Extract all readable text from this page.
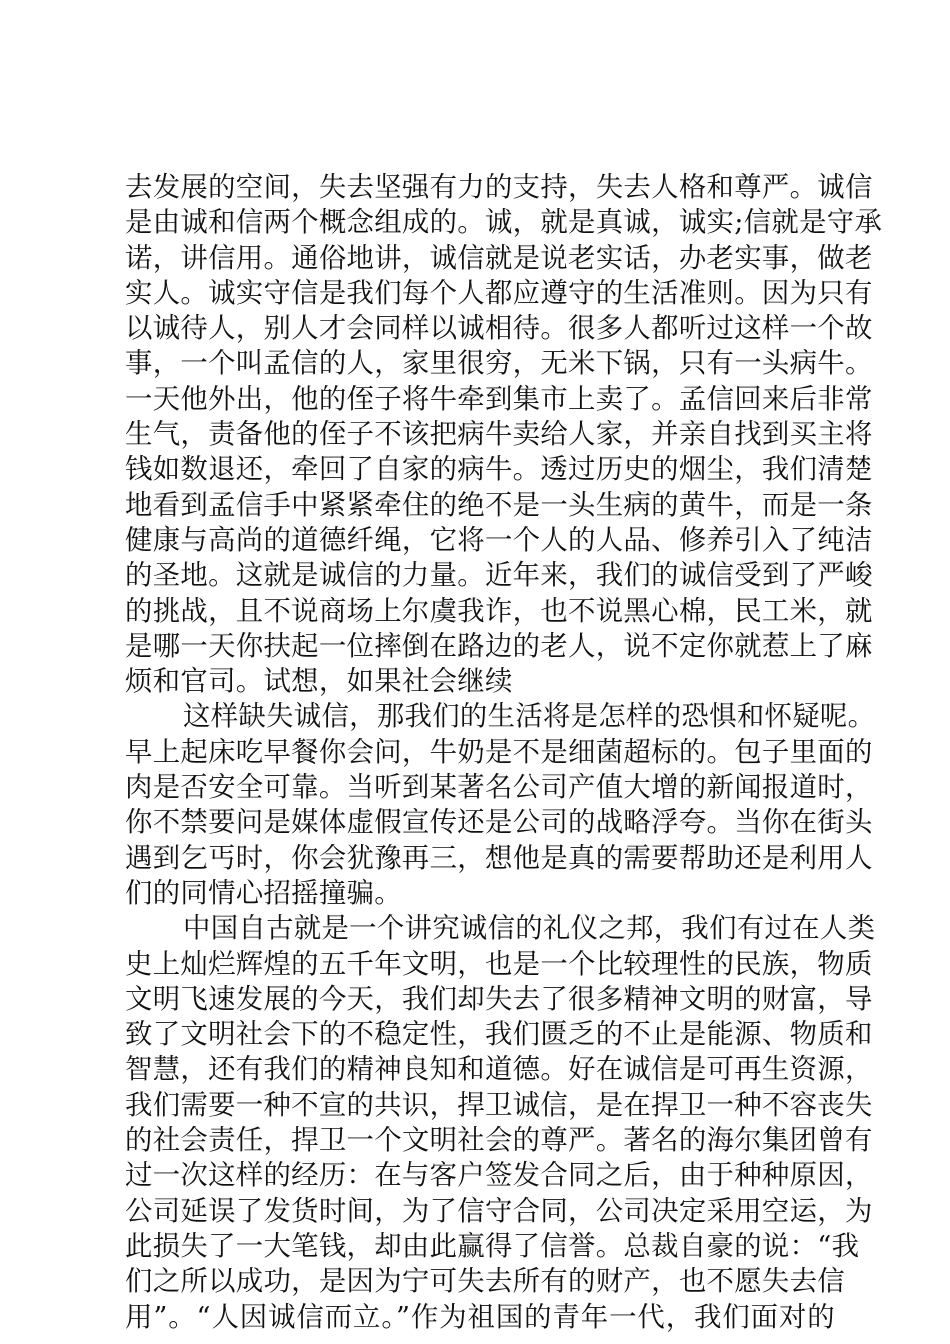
去发展的空间，失去坚强有力的支持，失去人格和尊严。诚信
是由诚和信两个概念组成的。诚，就是真诚，诚实;信就是守承
诺，讲信用。通俗地讲，诚信就是说老实话，办老实事，做老
实人。诚实守信是我们每个人都应遵守的生活准则。因为只有
以诚待人，别人才会同样以诚相待。很多人都听过这样一个故
事，一个叫孟信的人，家里很穷，无米下锅，只有一头病牛。
一天他外出，他的侄子将牛牵到集市上卖了。孟信回来后非常
生气，责备他的侄子不该把病牛卖给人家，并亲自找到买主将
钱如数退还，牵回了自家的病牛。透过历史的烟尘，我们清楚
地看到孟信手中紧紧牵住的绝不是一头生病的黄牛，而是一条
健康与高尚的道德纤绳，它将一个人的人品、修养引入了纯洁
的圣地。这就是诚信的力量。近年来，我们的诚信受到了严峻
的挑战，且不说商场上尔虞我诈，也不说黑心棉，民工米，就
是哪一天你扶起一位摔倒在路边的老人，说不定你就惹上了麻
烦和官司。试想，如果社会继续
这样缺失诚信，那我们的生活将是怎样的恐惧和怀疑呢。
早上起床吃早餐你会问，牛奶是不是细菌超标的。包子里面的
肉是否安全可靠。当听到某著名公司产值大增的新闻报道时，
你不禁要问是媒体虚假宣传还是公司的战略浮夸。当你在街头
遇到乞丐时，你会犹豫再三，想他是真的需要帮助还是利用人
们的同情心招摇撞骗。
中国自古就是一个讲究诚信的礼仪之邦，我们有过在人类
史上灿烂辉煌的五千年文明，也是一个比较理性的民族，物质
文明飞速发展的今天，我们却失去了很多精神文明的财富，导
致了文明社会下的不稳定性，我们匮乏的不止是能源、物质和
智慧，还有我们的精神良知和道德。好在诚信是可再生资源，
我们需要一种不宣的共识，捍卫诚信，是在捍卫一种不容丧失
的社会责任，捍卫一个文明社会的尊严。著名的海尔集团曾有
过一次这样的经历：在与客户签发合同之后，由于种种原因，
公司延误了发货时间，为了信守合同，公司决定采用空运，为
此损失了一大笔钱，却由此赢得了信誉。总裁自豪的说：“我
们之所以成功，是因为宁可失去所有的财产，也不愿失去信
用”。“人因诚信而立。”作为祖国的青年一代，我们面对的
